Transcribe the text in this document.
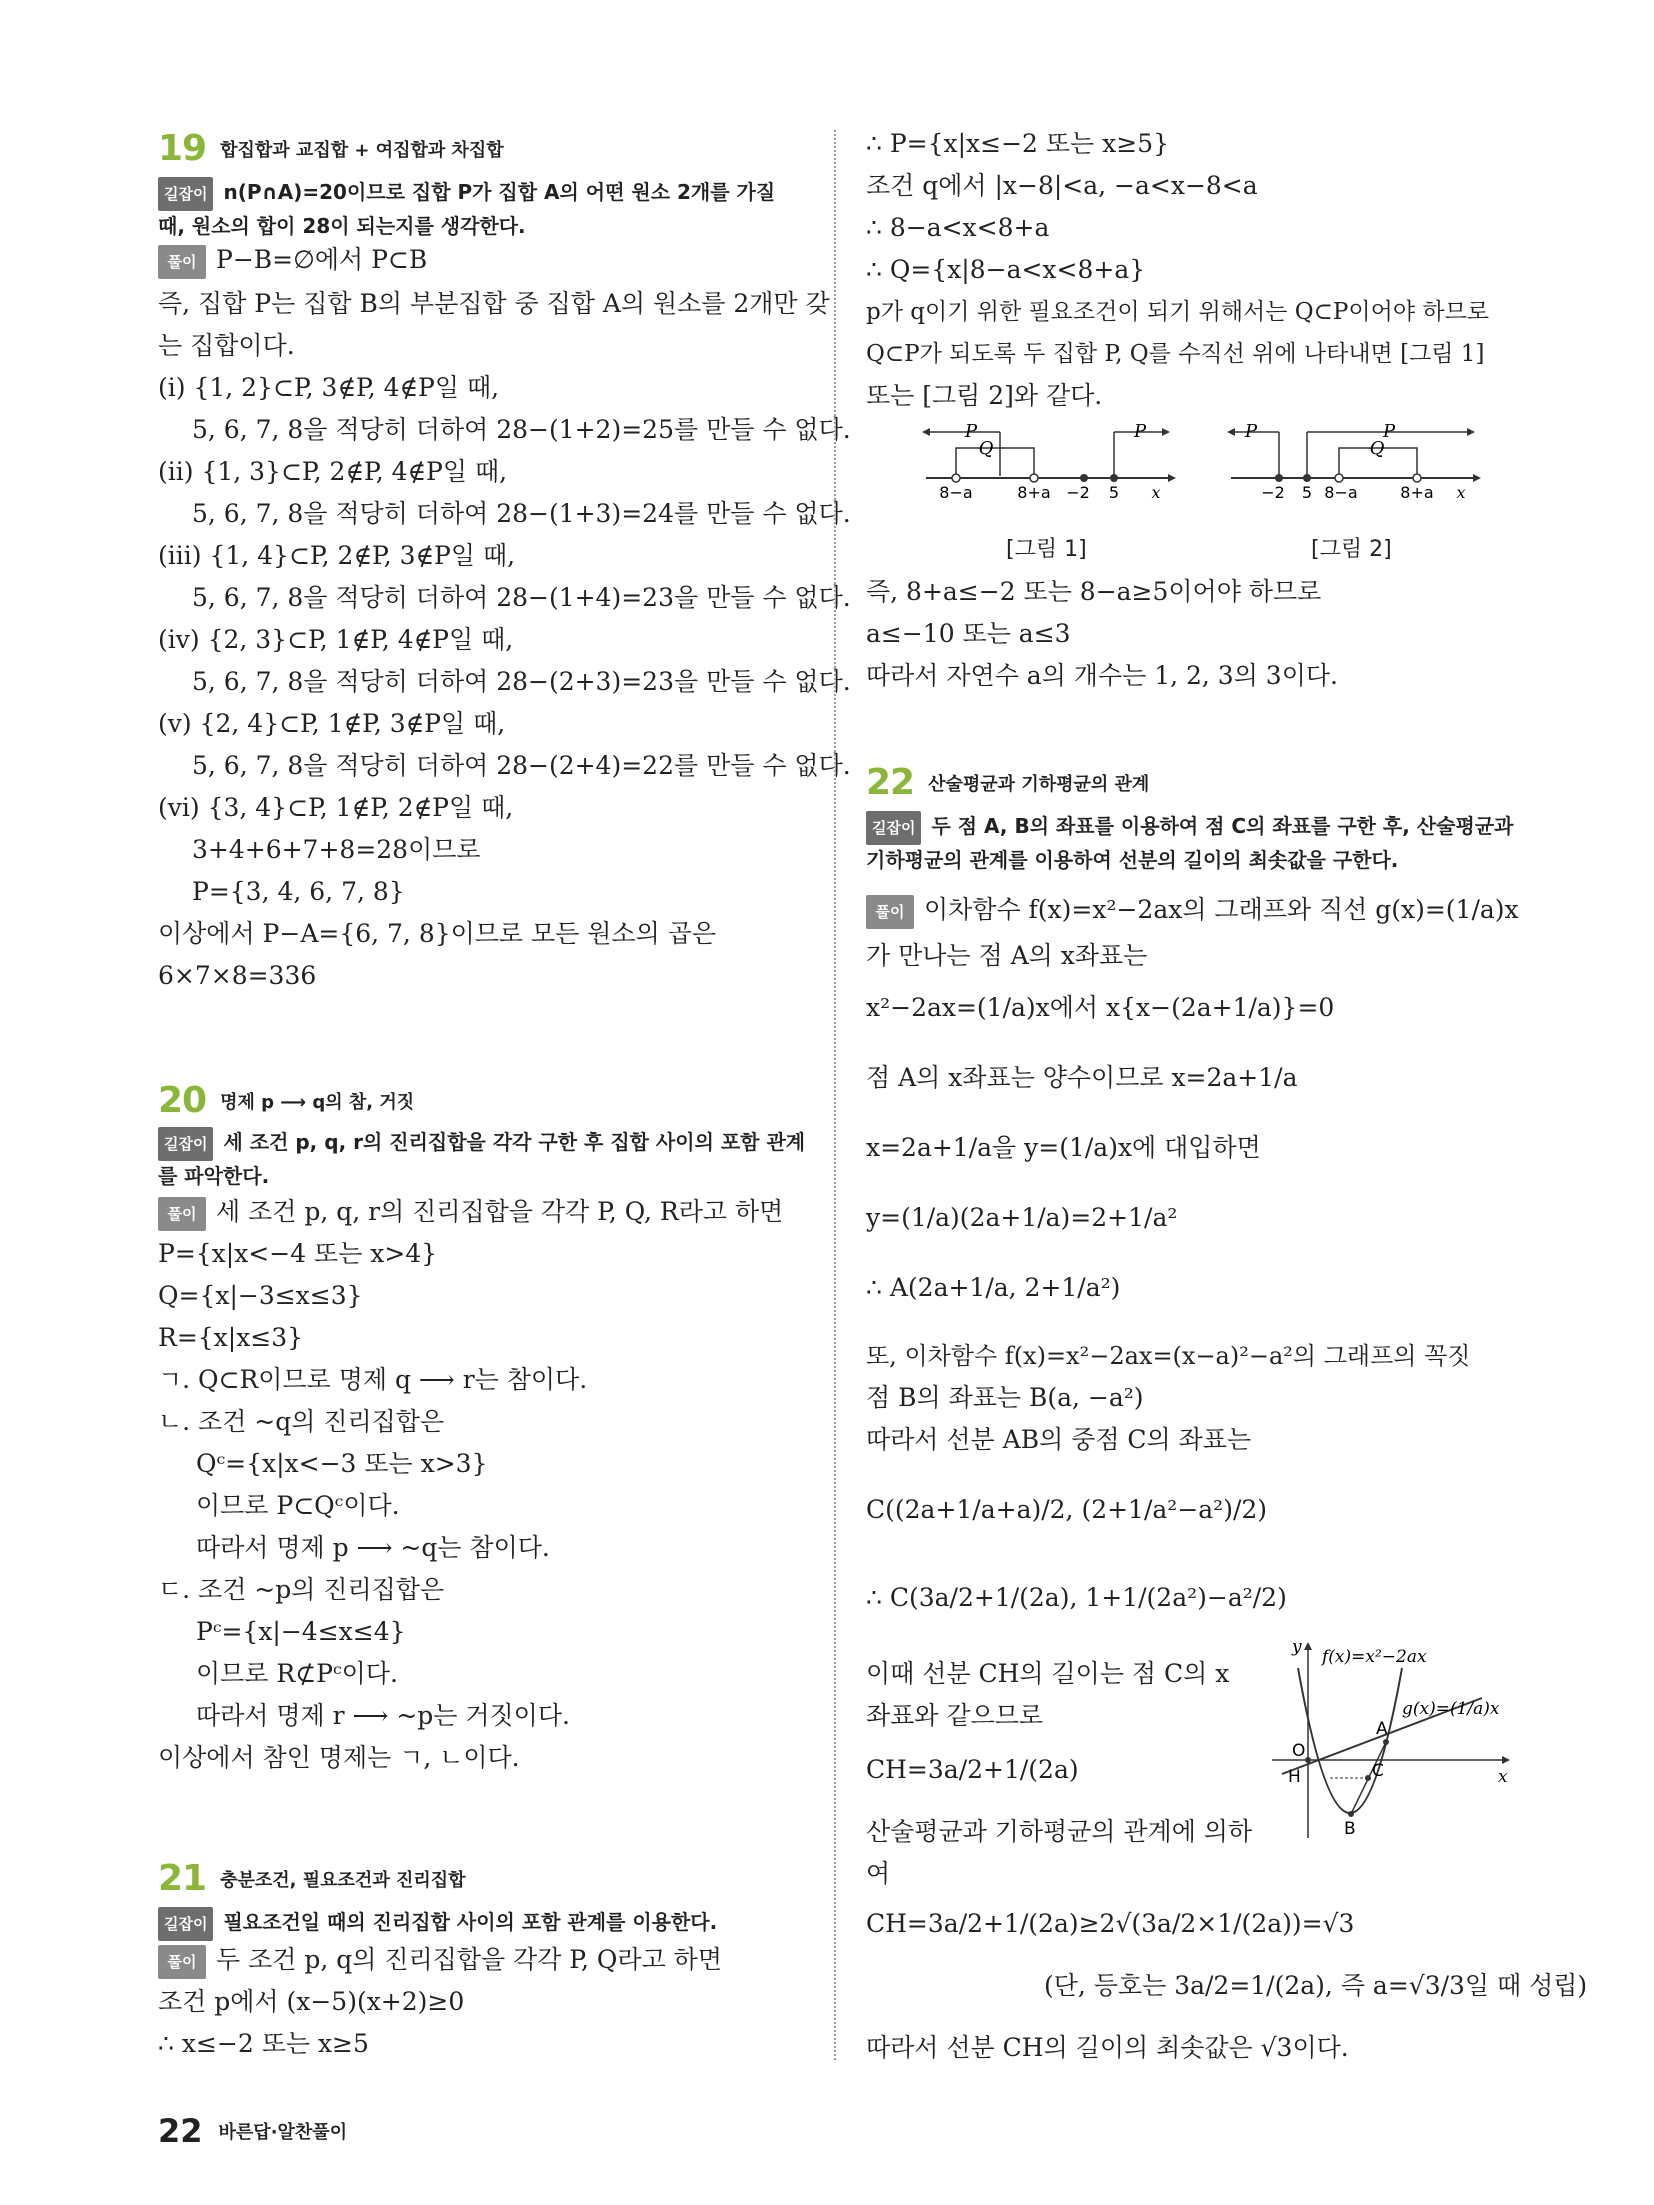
19 합집합과 교집합 + 여집합과 차집합
길잡이 n(P∩A)=20이므로 집합 P가 집합 A의 어떤 원소 2개를 가질
때, 원소의 합이 28이 되는지를 생각한다.
풀이 P−B=∅에서 P⊂B
즉, 집합 P는 집합 B의 부분집합 중 집합 A의 원소를 2개만 갖
는 집합이다.
(ⅰ) {1, 2}⊂P, 3∉P, 4∉P일 때,
5, 6, 7, 8을 적당히 더하여 28−(1+2)=25를 만들 수 없다.
(ⅱ) {1, 3}⊂P, 2∉P, 4∉P일 때,
5, 6, 7, 8을 적당히 더하여 28−(1+3)=24를 만들 수 없다.
(ⅲ) {1, 4}⊂P, 2∉P, 3∉P일 때,
5, 6, 7, 8을 적당히 더하여 28−(1+4)=23을 만들 수 없다.
(ⅳ) {2, 3}⊂P, 1∉P, 4∉P일 때,
5, 6, 7, 8을 적당히 더하여 28−(2+3)=23을 만들 수 없다.
(ⅴ) {2, 4}⊂P, 1∉P, 3∉P일 때,
5, 6, 7, 8을 적당히 더하여 28−(2+4)=22를 만들 수 없다.
(ⅵ) {3, 4}⊂P, 1∉P, 2∉P일 때,
3+4+6+7+8=28이므로
P={3, 4, 6, 7, 8}
이상에서 P−A={6, 7, 8}이므로 모든 원소의 곱은
6×7×8=336
20 명제 p ⟶ q의 참, 거짓
길잡이 세 조건 p, q, r의 진리집합을 각각 구한 후 집합 사이의 포함 관계
를 파악한다.
풀이 세 조건 p, q, r의 진리집합을 각각 P, Q, R라고 하면
P={x|x<−4 또는 x>4}
Q={x|−3≤x≤3}
R={x|x≤3}
ㄱ. Q⊂R이므로 명제 q ⟶ r는 참이다.
ㄴ. 조건 ~q의 진리집합은
Qᶜ={x|x<−3 또는 x>3}
이므로 P⊂Qᶜ이다.
따라서 명제 p ⟶ ~q는 참이다.
ㄷ. 조건 ~p의 진리집합은
Pᶜ={x|−4≤x≤4}
이므로 R⊄Pᶜ이다.
따라서 명제 r ⟶ ~p는 거짓이다.
이상에서 참인 명제는 ㄱ, ㄴ이다.
21 충분조건, 필요조건과 진리집합
길잡이 필요조건일 때의 진리집합 사이의 포함 관계를 이용한다.
풀이 두 조건 p, q의 진리집합을 각각 P, Q라고 하면
조건 p에서 (x−5)(x+2)≥0
∴ x≤−2 또는 x≥5
∴ P={x|x≤−2 또는 x≥5}
조건 q에서 |x−8|<a, −a<x−8<a
∴ 8−a<x<8+a
∴ Q={x|8−a<x<8+a}
p가 q이기 위한 필요조건이 되기 위해서는 Q⊂P이어야 하므로
Q⊂P가 되도록 두 집합 P, Q를 수직선 위에 나타내면 [그림 1]
또는 [그림 2]와 같다.
P
Q
P
8−a	8+a −2 5 x
[그림 1]
P	P
Q
−2 5 8−a	8+a x
[그림 2]
즉, 8+a≤−2 또는 8−a≥5이어야 하므로
a≤−10 또는 a≤3
따라서 자연수 a의 개수는 1, 2, 3의 3이다.
22 산술평균과 기하평균의 관계
길잡이 두 점 A, B의 좌표를 이용하여 점 C의 좌표를 구한 후, 산술평균과
기하평균의 관계를 이용하여 선분의 길이의 최솟값을 구한다.
풀이 이차함수 f(x)=x²−2ax의 그래프와 직선 g(x)=(1/a)x
가 만나는 점 A의 x좌표는
x²−2ax=(1/a)x에서 x{x−(2a+1/a)}=0
점 A의 x좌표는 양수이므로 x=2a+1/a
x=2a+1/a을 y=(1/a)x에 대입하면
y=(1/a)(2a+1/a)=2+1/a²
∴ A(2a+1/a, 2+1/a²)
또, 이차함수 f(x)=x²−2ax=(x−a)²−a²의 그래프의 꼭짓
점 B의 좌표는 B(a, −a²)
따라서 선분 AB의 중점 C의 좌표는
C((2a+1/a+a)/2, (2+1/a²−a²)/2)
∴ C(3a/2+1/(2a), 1+1/(2a²)−a²/2)
이때 선분 CH의 길이는 점 C의 x
좌표와 같으므로
CH=3a/2+1/(2a)
산술평균과 기하평균의 관계에 의하
여
CH=3a/2+1/(2a)≥2√(3a/2×1/(2a))=√3
(단, 등호는 3a/2=1/(2a), 즉 a=√3/3일 때 성립)
따라서 선분 CH의 길이의 최솟값은 √3이다.
x
y
O
A
B
C
H
f(x)=x²−2ax
g(x)=(1/a)x
22 바른답·알찬풀이
